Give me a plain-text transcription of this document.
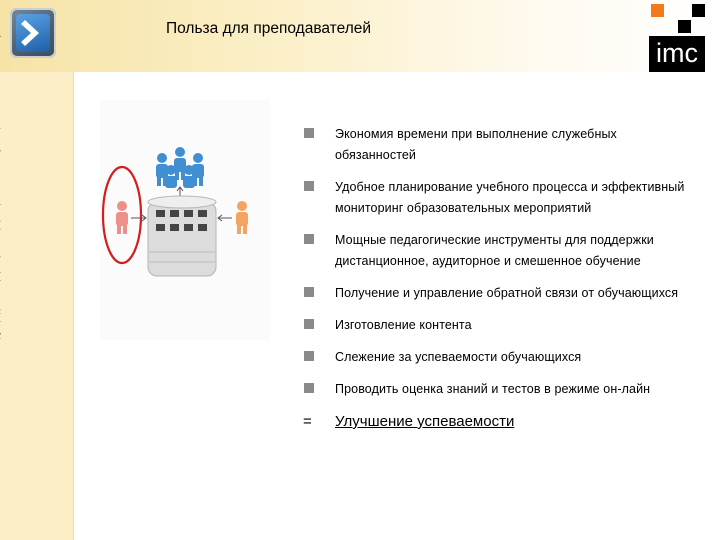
Польза для преподавателей
imc
Экономия времени при выполнение служебных обязанностей
Удобное планирование учебного процесса и эффективный мониторинг образовательных мероприятий
Мощные педагогические инструменты для поддержки дистанционное, аудиторное и смешенное обучение
Получение и управление обратной связи от обучающихся
Изготовление контента
Слежение за успеваемости обучающихся
Проводить оценка знаний и тестов в режиме он-лайн
=	Улучшение успеваемости
